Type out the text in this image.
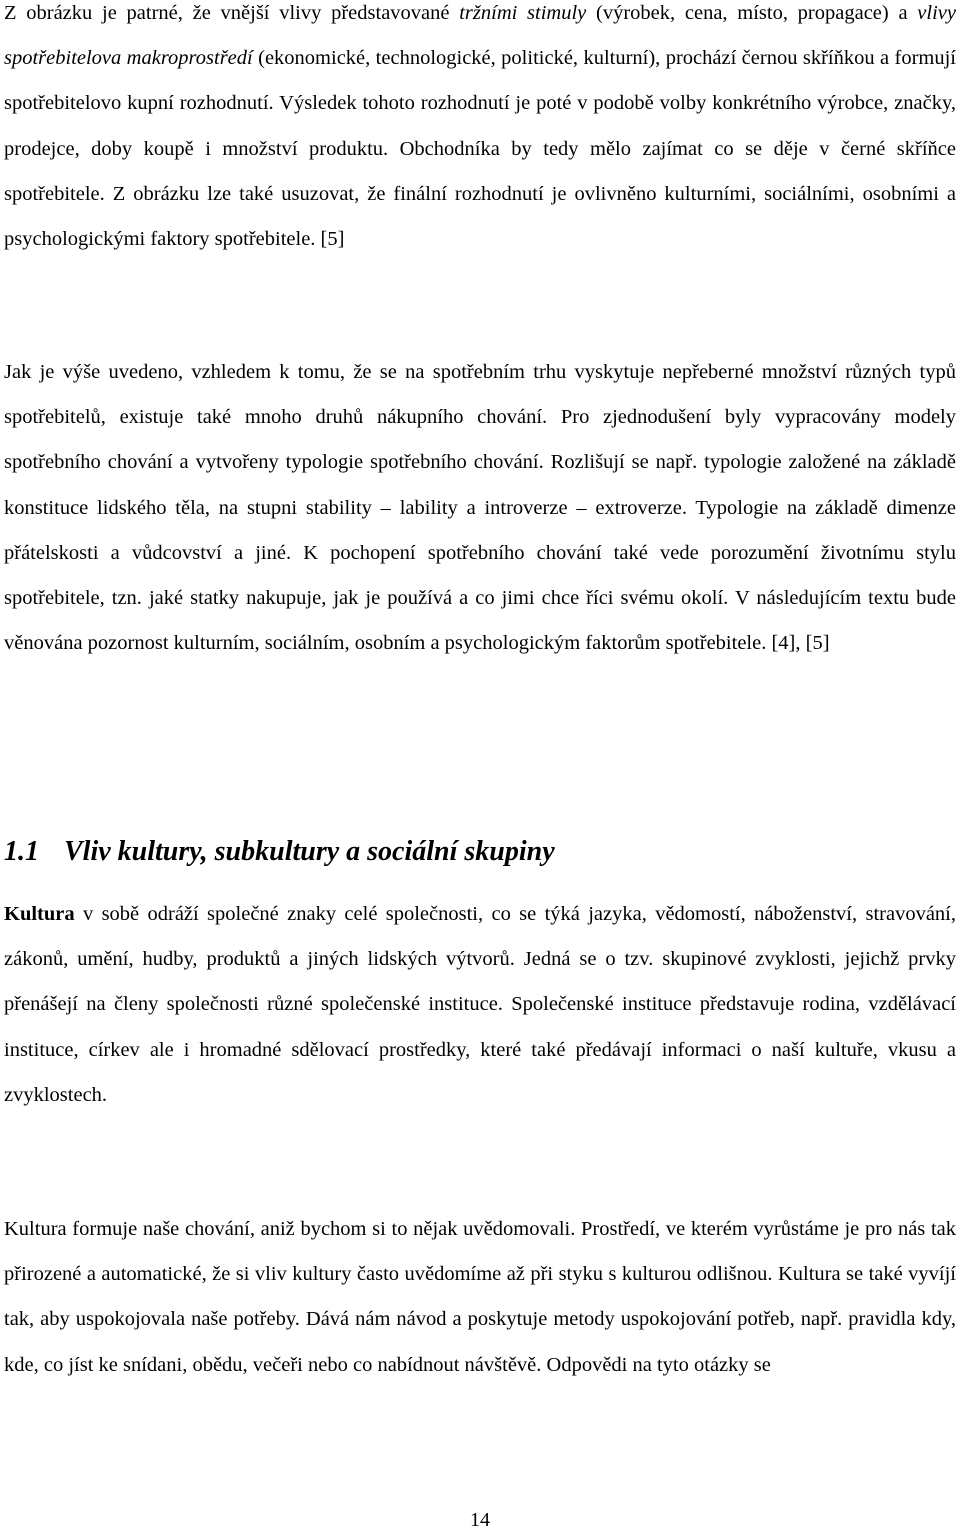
Z obrázku je patrné, že vnější vlivy představované tržními stimuly (výrobek, cena, místo, propagace) a vlivy spotřebitelova makroprostředí (ekonomické, technologické, politické, kulturní), prochází černou skříňkou a formují spotřebitelovo kupní rozhodnutí. Výsledek tohoto rozhodnutí je poté v podobě volby konkrétního výrobce, značky, prodejce, doby koupě i množství produktu. Obchodníka by tedy mělo zajímat co se děje v černé skříňce spotřebitele. Z obrázku lze také usuzovat, že finální rozhodnutí je ovlivněno kulturními, sociálními, osobními a psychologickými faktory spotřebitele. [5]

Jak je výše uvedeno, vzhledem k tomu, že se na spotřebním trhu vyskytuje nepřeberné množství různých typů spotřebitelů, existuje také mnoho druhů nákupního chování. Pro zjednodušení byly vypracovány modely spotřebního chování a vytvořeny typologie spotřebního chování. Rozlišují se např. typologie založené na základě konstituce lidského těla, na stupni stability – lability a introverze – extroverze. Typologie na základě dimenze přátelskosti a vůdcovství a jiné. K pochopení spotřebního chování také vede porozumění životnímu stylu spotřebitele, tzn. jaké statky nakupuje, jak je používá a co jimi chce říci svému okolí. V následujícím textu bude věnována pozornost kulturním, sociálním, osobním a psychologickým faktorům spotřebitele. [4], [5]

1.1 Vliv kultury, subkultury a sociální skupiny

Kultura v sobě odráží společné znaky celé společnosti, co se týká jazyka, vědomostí, náboženství, stravování, zákonů, umění, hudby, produktů a jiných lidských výtvorů. Jedná se o tzv. skupinové zvyklosti, jejichž prvky přenášejí na členy společnosti různé společenské instituce. Společenské instituce představuje rodina, vzdělávací instituce, církev ale i hromadné sdělovací prostředky, které také předávají informaci o naší kultuře, vkusu a zvyklostech.

Kultura formuje naše chování, aniž bychom si to nějak uvědomovali. Prostředí, ve kterém vyrůstáme je pro nás tak přirozené a automatické, že si vliv kultury často uvědomíme až při styku s kulturou odlišnou. Kultura se také vyvíjí tak, aby uspokojovala naše potřeby. Dává nám návod a poskytuje metody uspokojování potřeb, např. pravidla kdy, kde, co jíst ke snídani, obědu, večeři nebo co nabídnout návštěvě. Odpovědi na tyto otázky se

14
